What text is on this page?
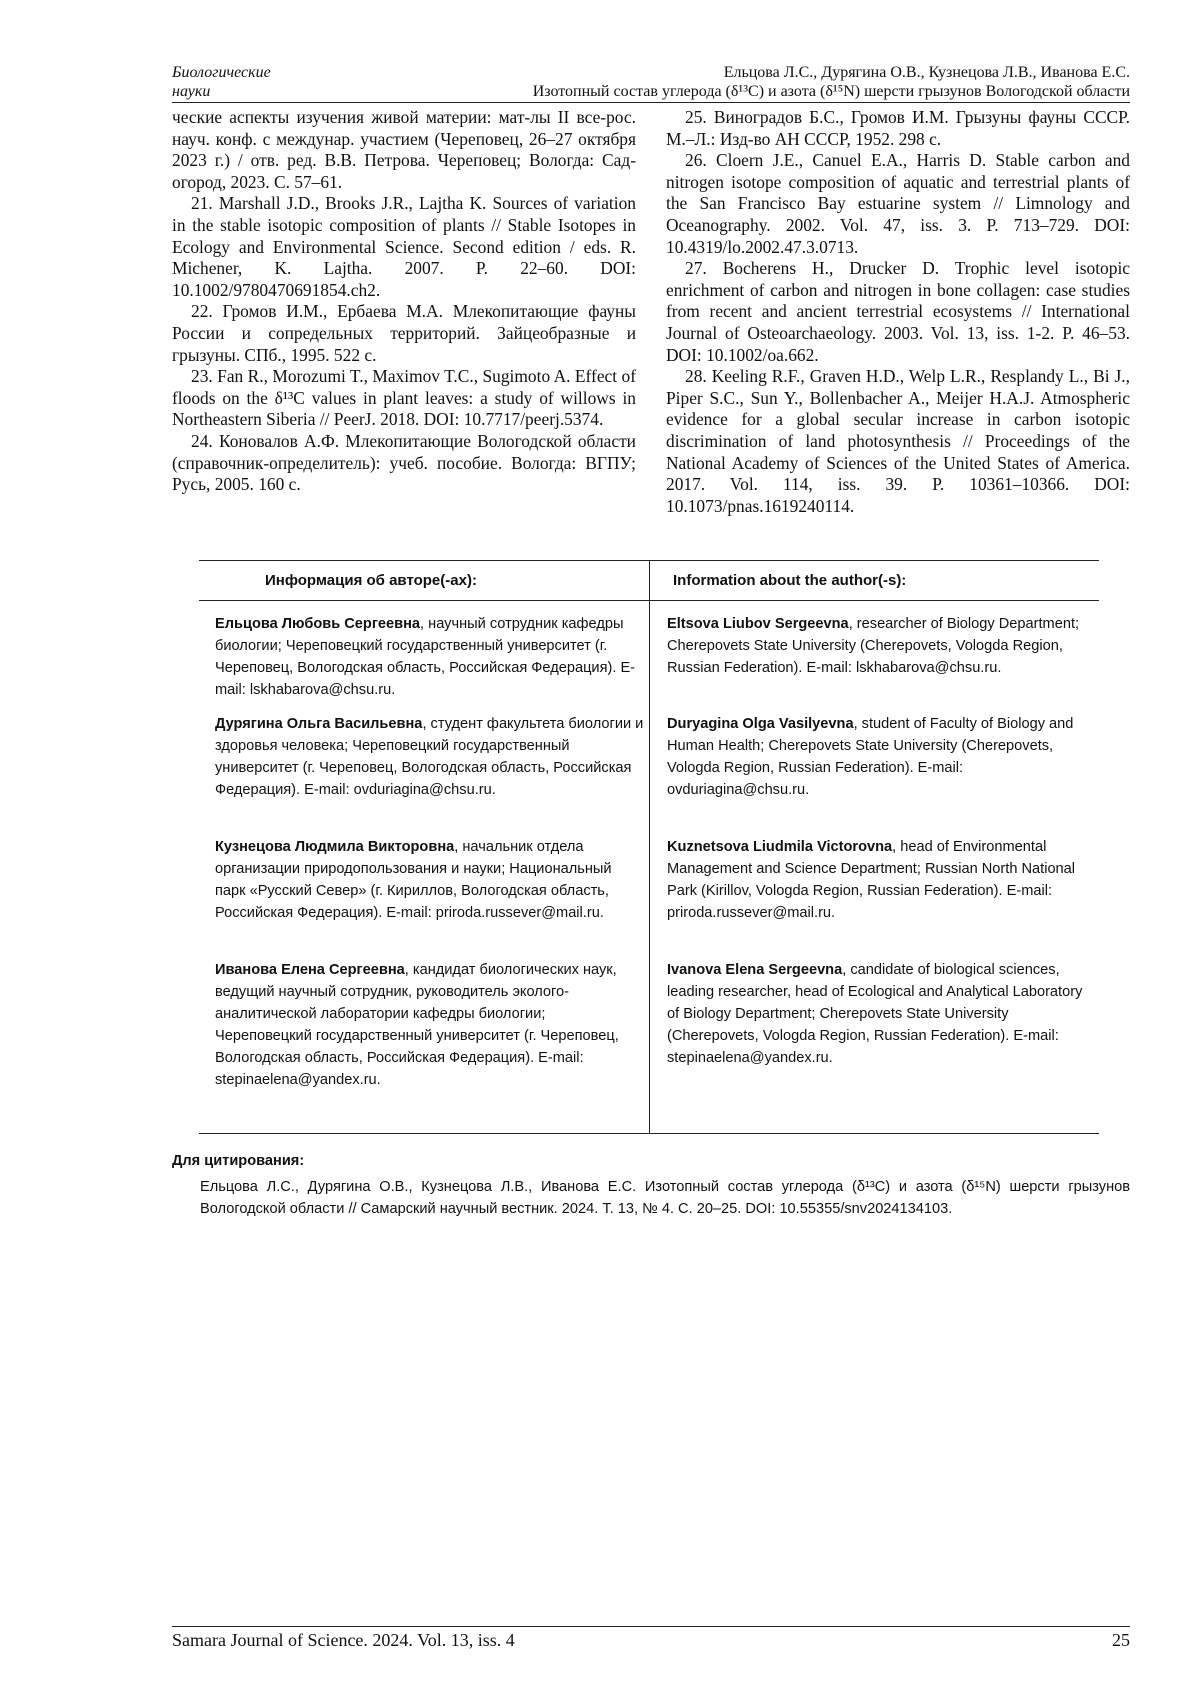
Биологические науки
Ельцова Л.С., Дурягина О.В., Кузнецова Л.В., Иванова Е.С.
Изотопный состав углерода (δ¹³С) и азота (δ¹⁵N) шерсти грызунов Вологодской области

ческие аспекты изучения живой материи: мат-лы II все-рос. науч. конф. с междунар. участием (Череповец, 26–27 октября 2023 г.) / отв. ред. В.В. Петрова. Череповец; Вологда: Сад-огород, 2023. С. 57–61.

21. Marshall J.D., Brooks J.R., Lajtha K. Sources of variation in the stable isotopic composition of plants // Stable Isotopes in Ecology and Environmental Science. Second edition / eds. R. Michener, K. Lajtha. 2007. P. 22–60. DOI: 10.1002/9780470691854.ch2.

22. Громов И.М., Ербаева М.А. Млекопитающие фауны России и сопредельных территорий. Зайцеобразные и грызуны. СПб., 1995. 522 с.

23. Fan R., Morozumi T., Maximov T.C., Sugimoto A. Effect of floods on the δ¹³C values in plant leaves: a study of willows in Northeastern Siberia // PeerJ. 2018. DOI: 10.7717/peerj.5374.

24. Коновалов А.Ф. Млекопитающие Вологодской области (справочник-определитель): учеб. пособие. Вологда: ВГПУ; Русь, 2005. 160 с.

25. Виноградов Б.С., Громов И.М. Грызуны фауны СССР. М.–Л.: Изд-во АН СССР, 1952. 298 с.

26. Cloern J.E., Canuel E.A., Harris D. Stable carbon and nitrogen isotope composition of aquatic and terrestrial plants of the San Francisco Bay estuarine system // Limnology and Oceanography. 2002. Vol. 47, iss. 3. P. 713–729. DOI: 10.4319/lo.2002.47.3.0713.

27. Bocherens H., Drucker D. Trophic level isotopic enrichment of carbon and nitrogen in bone collagen: case studies from recent and ancient terrestrial ecosystems // International Journal of Osteoarchaeology. 2003. Vol. 13, iss. 1-2. P. 46–53. DOI: 10.1002/oa.662.

28. Keeling R.F., Graven H.D., Welp L.R., Resplandy L., Bi J., Piper S.C., Sun Y., Bollenbacher A., Meijer H.A.J. Atmospheric evidence for a global secular increase in carbon isotopic discrimination of land photosynthesis // Proceedings of the National Academy of Sciences of the United States of America. 2017. Vol. 114, iss. 39. P. 10361–10366. DOI: 10.1073/pnas.1619240114.

Информация об авторе(-ах):	Information about the author(-s):
Ельцова Любовь Сергеевна, научный сотрудник кафедры биологии; Череповецкий государственный университет (г. Череповец, Вологодская область, Российская Федерация). E-mail: lskhabarova@chsu.ru.
Eltsova Liubov Sergeevna, researcher of Biology Department; Cherepovets State University (Cherepovets, Vologda Region, Russian Federation). E-mail: lskhabarova@chsu.ru.
Дурягина Ольга Васильевна, студент факультета биологии и здоровья человека; Череповецкий государственный университет (г. Череповец, Вологодская область, Российская Федерация). E-mail: ovduriagina@chsu.ru.
Duryagina Olga Vasilyevna, student of Faculty of Biology and Human Health; Cherepovets State University (Cherepovets, Vologda Region, Russian Federation). E-mail: ovduriagina@chsu.ru.
Кузнецова Людмила Викторовна, начальник отдела организации природопользования и науки; Национальный парк «Русский Север» (г. Кириллов, Вологодская область, Российская Федерация). E-mail: priroda.russever@mail.ru.
Kuznetsova Liudmila Victorovna, head of Environmental Management and Science Department; Russian North National Park (Kirillov, Vologda Region, Russian Federation). E-mail: priroda.russever@mail.ru.
Иванова Елена Сергеевна, кандидат биологических наук, ведущий научный сотрудник, руководитель эколого-аналитической лаборатории кафедры биологии; Череповецкий государственный университет (г. Череповец, Вологодская область, Российская Федерация). E-mail: stepinaelena@yandex.ru.
Ivanova Elena Sergeevna, candidate of biological sciences, leading researcher, head of Ecological and Analytical Laboratory of Biology Department; Cherepovets State University (Cherepovets, Vologda Region, Russian Federation). E-mail: stepinaelena@yandex.ru.
Для цитирования:
Ельцова Л.С., Дурягина О.В., Кузнецова Л.В., Иванова Е.С. Изотопный состав углерода (δ¹³C) и азота (δ¹⁵N) шерсти грызунов Вологодской области // Самарский научный вестник. 2024. Т. 13, № 4. С. 20–25. DOI: 10.55355/snv2024134103.
Samara Journal of Science. 2024. Vol. 13, iss. 4	25
